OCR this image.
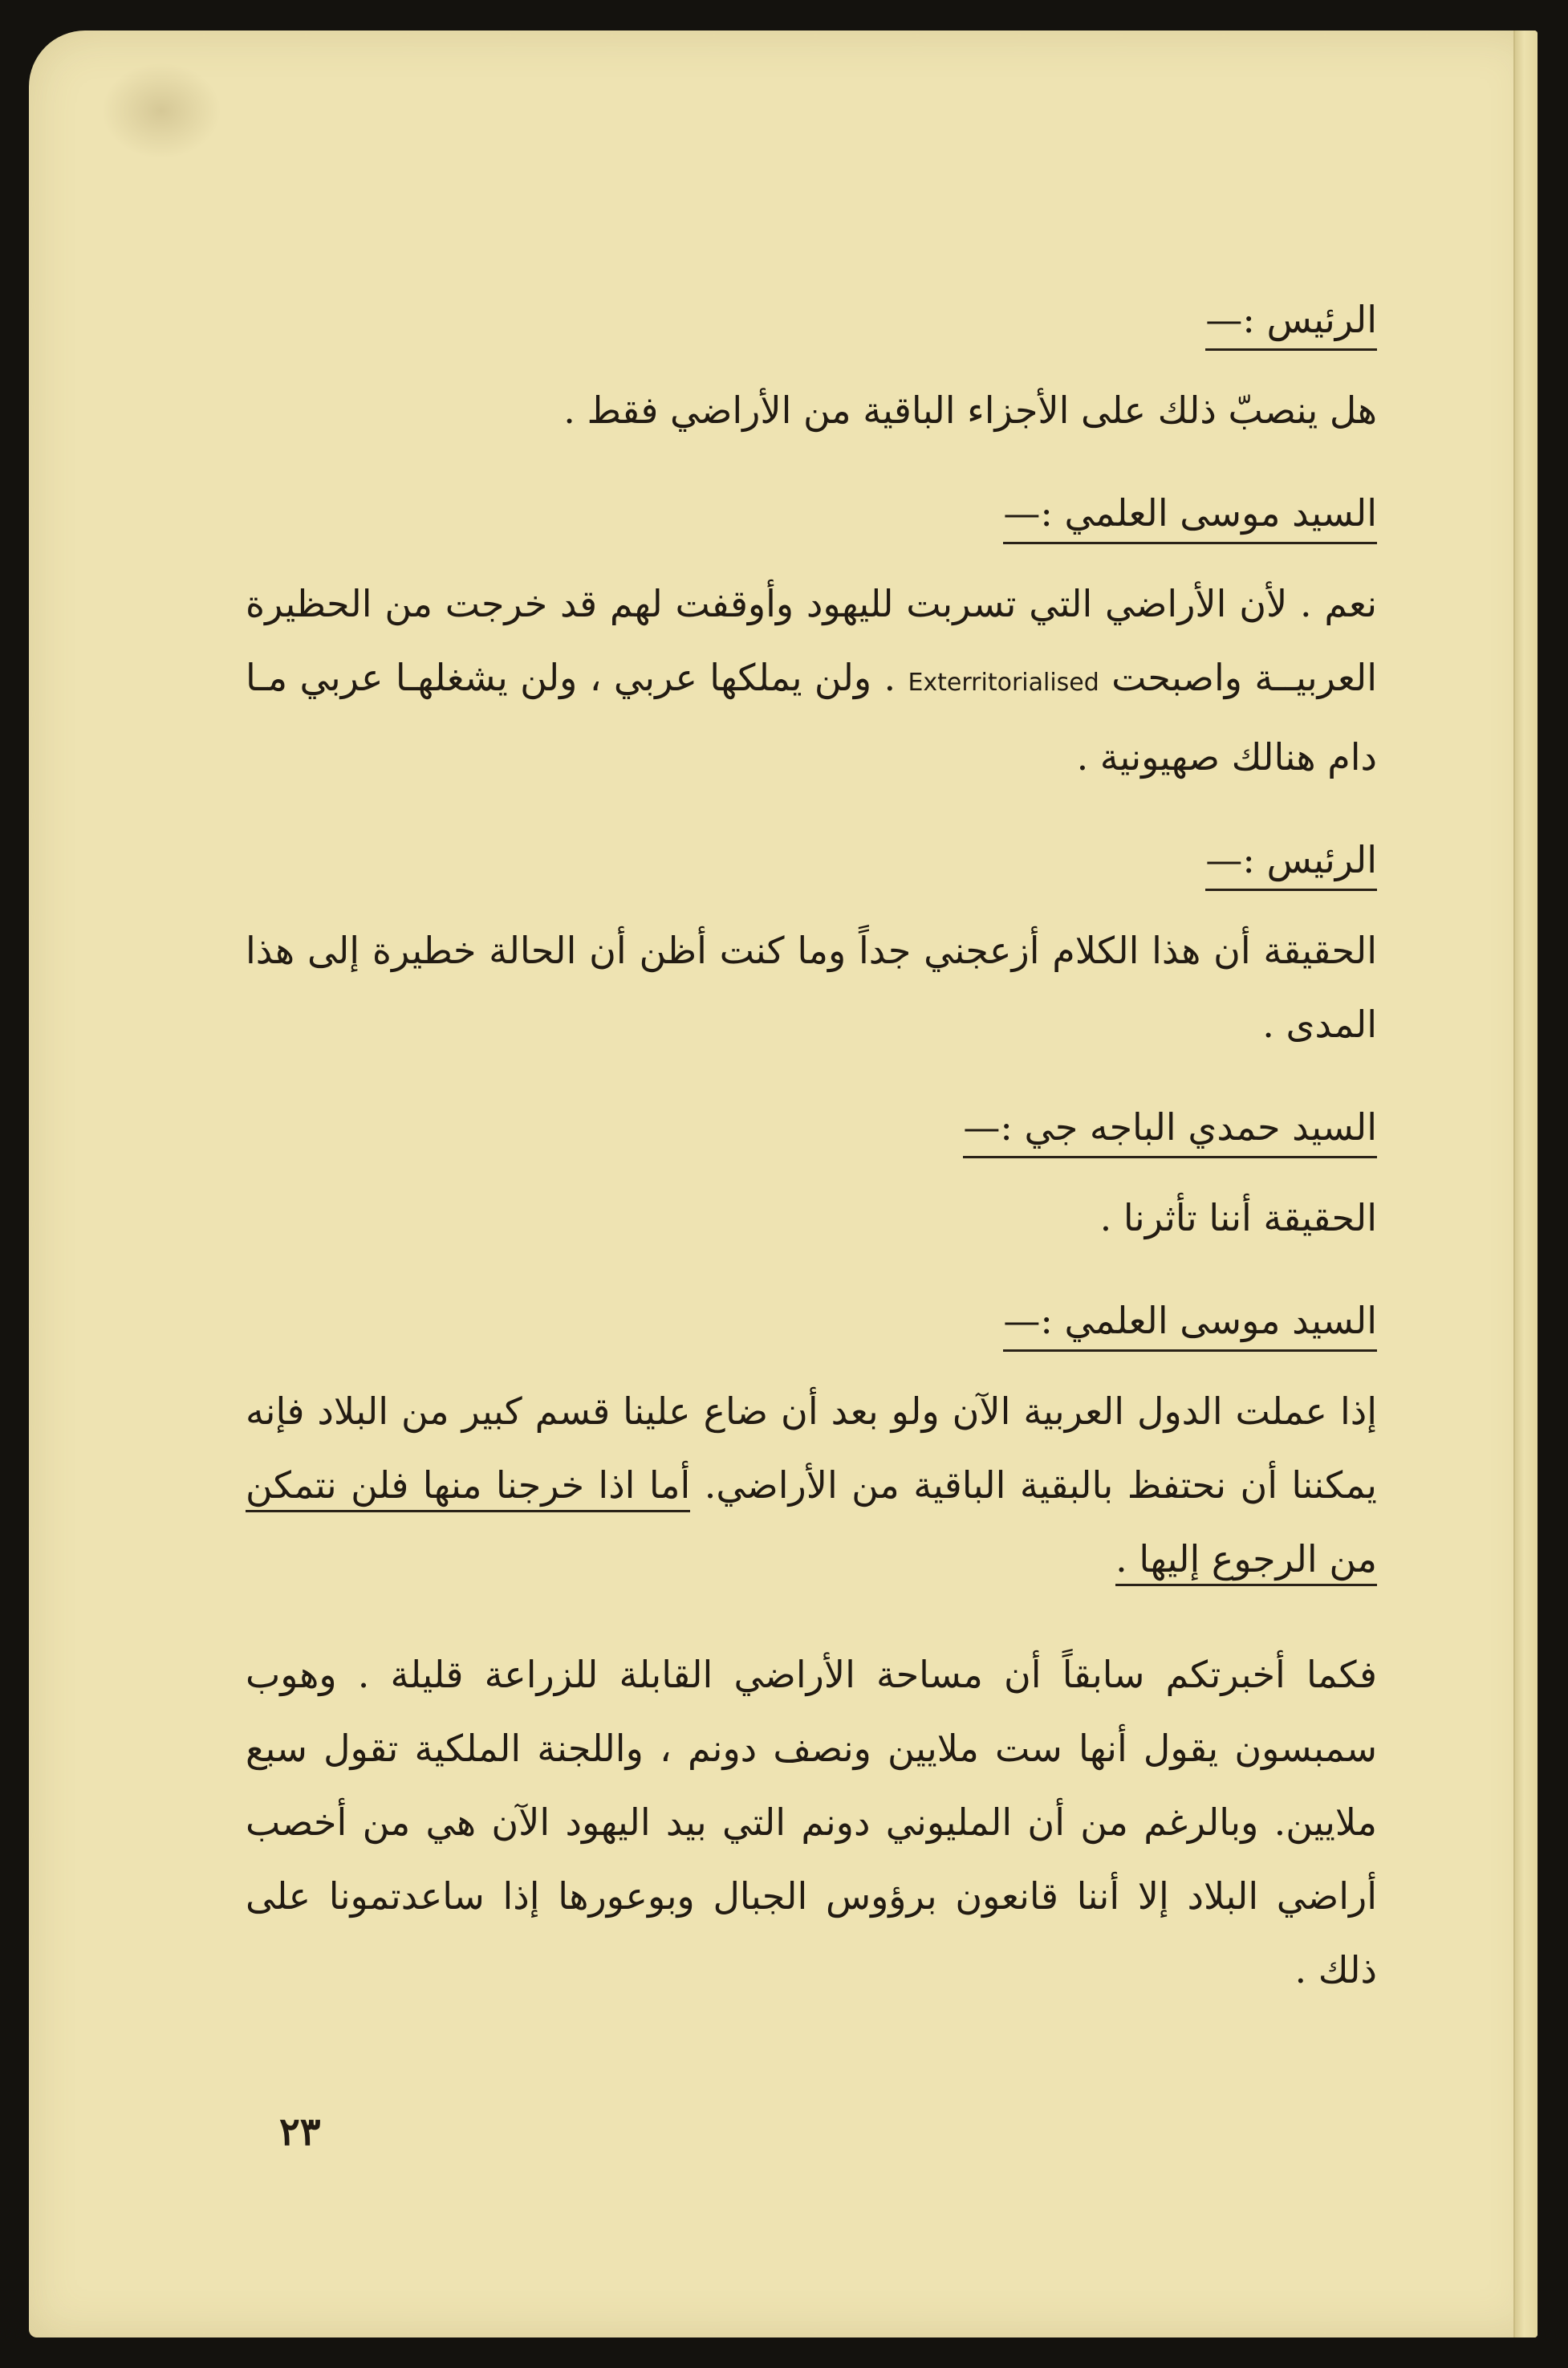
الرئيس :—

هل ينصبّ ذلك على الأجزاء الباقية من الأراضي فقط .

السيد موسى العلمي :—

نعم . لأن الأراضي التي تسربت لليهود وأوقفت لهم قد خرجت من الحظيرة العربيــة واصبحت Exterritorialised . ولن يملكها عربي ، ولن يشغلهـا عربي مـا دام هنالك صهيونية .

الرئيس :—

الحقيقة أن هذا الكلام أزعجني جداً وما كنت أظن أن الحالة خطيرة إلى هذا المدى .

السيد حمدي الباجه جي :—

الحقيقة أننا تأثرنا .

السيد موسى العلمي :—

إذا عملت الدول العربية الآن ولو بعد أن ضاع علينا قسم كبير من البلاد فإنه يمكننا أن نحتفظ بالبقية الباقية من الأراضي. أما اذا خرجنا منها فلن نتمكن من الرجوع إليها .

فكما أخبرتكم سابقاً أن مساحة الأراضي القابلة للزراعة قليلة . وهوب سمبسون يقول أنها ست ملايين ونصف دونم ، واللجنة الملكية تقول سبع ملايين. وبالرغم من أن المليوني دونم التي بيد اليهود الآن هي من أخصب أراضي البلاد إلا أننا قانعون برؤوس الجبال وبوعورها إذا ساعدتمونا على ذلك .

٢٣
